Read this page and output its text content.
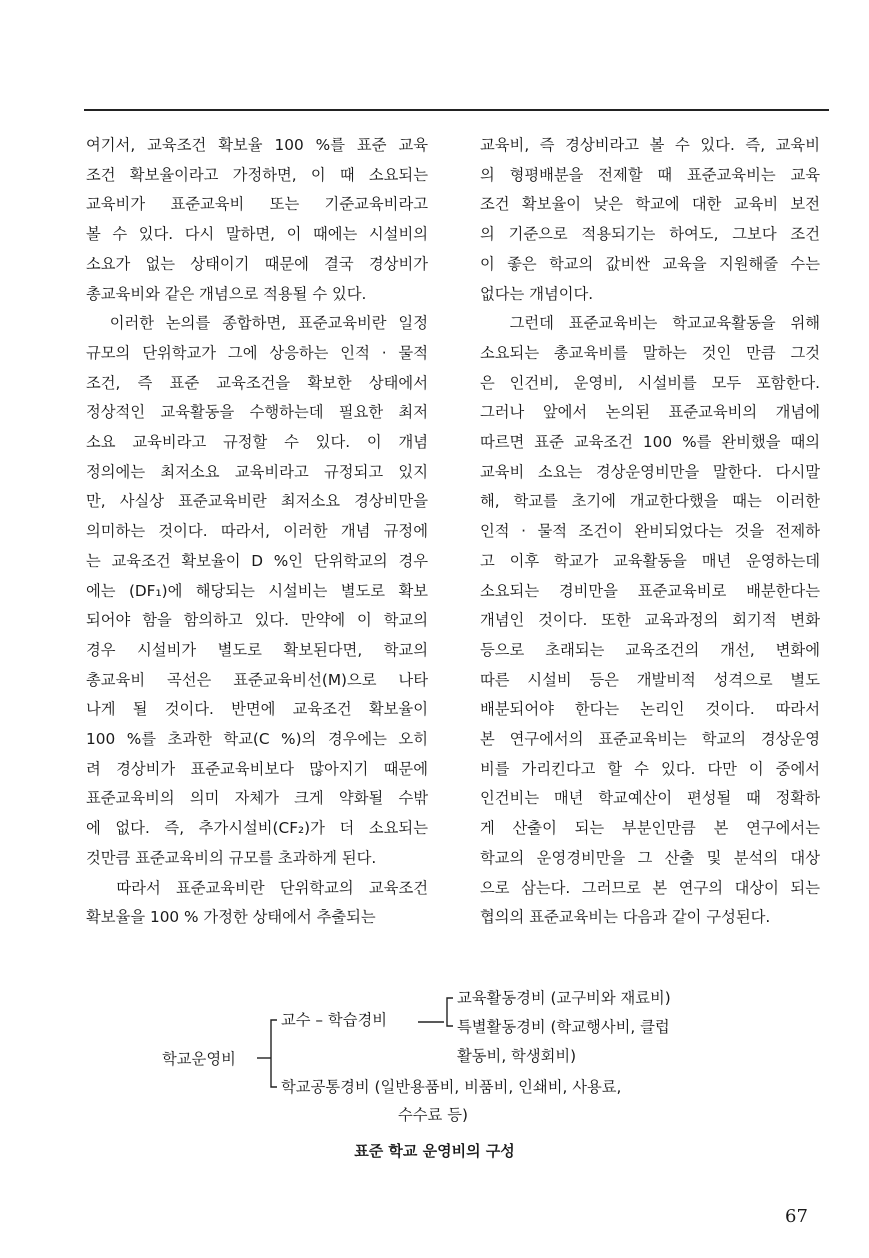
여기서, 교육조건 확보율 100 %를 표준 교육
조건 확보율이라고 가정하면, 이 때 소요되는
교육비가 표준교육비 또는 기준교육비라고
볼 수 있다. 다시 말하면, 이 때에는 시설비의
소요가 없는 상태이기 때문에 결국 경상비가
총교육비와 같은 개념으로 적용될 수 있다.
이러한 논의를 종합하면, 표준교육비란 일정
규모의 단위학교가 그에 상응하는 인적 · 물적
조건, 즉 표준 교육조건을 확보한 상태에서
정상적인 교육활동을 수행하는데 필요한 최저
소요 교육비라고 규정할 수 있다. 이 개념
정의에는 최저소요 교육비라고 규정되고 있지
만, 사실상 표준교육비란 최저소요 경상비만을
의미하는 것이다. 따라서, 이러한 개념 규정에
는 교육조건 확보율이 D %인 단위학교의 경우
에는 (DF₁)에 해당되는 시설비는 별도로 확보
되어야 함을 함의하고 있다. 만약에 이 학교의
경우 시설비가 별도로 확보된다면, 학교의
총교육비 곡선은 표준교육비선(M)으로 나타
나게 될 것이다. 반면에 교육조건 확보율이
100 %를 초과한 학교(C %)의 경우에는 오히
려 경상비가 표준교육비보다 많아지기 때문에
표준교육비의 의미 자체가 크게 약화될 수밖
에 없다. 즉, 추가시설비(CF₂)가 더 소요되는
것만큼 표준교육비의 규모를 초과하게 된다.
따라서 표준교육비란 단위학교의 교육조건
확보율을 100 % 가정한 상태에서 추출되는
교육비, 즉 경상비라고 볼 수 있다. 즉, 교육비
의 형평배분을 전제할 때 표준교육비는 교육
조건 확보율이 낮은 학교에 대한 교육비 보전
의 기준으로 적용되기는 하여도, 그보다 조건
이 좋은 학교의 값비싼 교육을 지원해줄 수는
없다는 개념이다.
그런데 표준교육비는 학교교육활동을 위해
소요되는 총교육비를 말하는 것인 만큼 그것
은 인건비, 운영비, 시설비를 모두 포함한다.
그러나 앞에서 논의된 표준교육비의 개념에
따르면 표준 교육조건 100 %를 완비했을 때의
교육비 소요는 경상운영비만을 말한다. 다시말
해, 학교를 초기에 개교한다했을 때는 이러한
인적 · 물적 조건이 완비되었다는 것을 전제하
고 이후 학교가 교육활동을 매년 운영하는데
소요되는 경비만을 표준교육비로 배분한다는
개념인 것이다. 또한 교육과정의 회기적 변화
등으로 초래되는 교육조건의 개선, 변화에
따른 시설비 등은 개발비적 성격으로 별도
배분되어야 한다는 논리인 것이다. 따라서
본 연구에서의 표준교육비는 학교의 경상운영
비를 가리킨다고 할 수 있다. 다만 이 중에서
인건비는 매년 학교예산이 편성될 때 정확하
게 산출이 되는 부분인만큼 본 연구에서는
학교의 운영경비만을 그 산출 및 분석의 대상
으로 삼는다. 그러므로 본 연구의 대상이 되는
협의의 표준교육비는 다음과 같이 구성된다.
학교운영비
교수 – 학습경비
교육활동경비 (교구비와 재료비)
특별활동경비 (학교행사비, 클럽
활동비, 학생회비)
학교공통경비 (일반용품비, 비품비, 인쇄비, 사용료,
수수료 등)
표준 학교 운영비의 구성
67
